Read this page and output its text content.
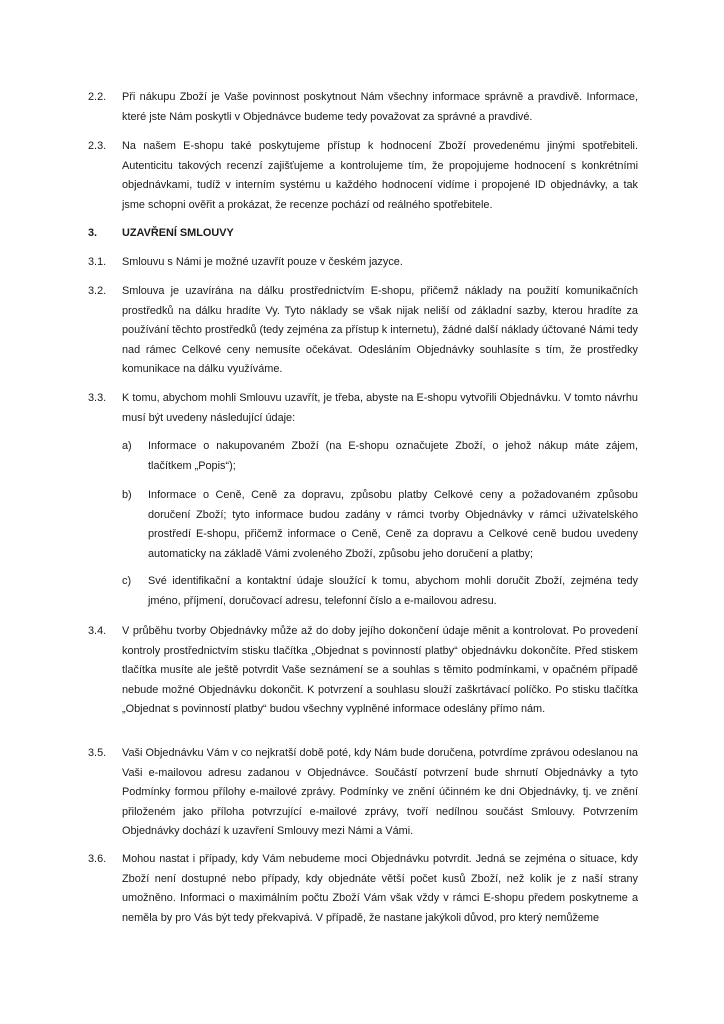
2.2.	Při nákupu Zboží je Vaše povinnost poskytnout Nám všechny informace správně a pravdivě. Informace, které jste Nám poskytli v Objednávce budeme tedy považovat za správné a pravdivé.
2.3.	Na našem E-shopu také poskytujeme přístup k hodnocení Zboží provedenému jinými spotřebiteli. Autenticitu takových recenzí zajišťujeme a kontrolujeme tím, že propojujeme hodnocení s konkrétními objednávkami, tudíž v interním systému u každého hodnocení vidíme i propojené ID objednávky, a tak jsme schopni ověřit a prokázat, že recenze pochází od reálného spotřebitele.
3.	UZAVŘENÍ SMLOUVY
3.1.	Smlouvu s Námi je možné uzavřít pouze v českém jazyce.
3.2.	Smlouva je uzavírána na dálku prostřednictvím E-shopu, přičemž náklady na použití komunikačních prostředků na dálku hradíte Vy. Tyto náklady se však nijak neliší od základní sazby, kterou hradíte za používání těchto prostředků (tedy zejména za přístup k internetu), žádné další náklady účtované Námi tedy nad rámec Celkové ceny nemusíte očekávat. Odesláním Objednávky souhlasíte s tím, že prostředky komunikace na dálku využíváme.
3.3.	K tomu, abychom mohli Smlouvu uzavřít, je třeba, abyste na E-shopu vytvořili Objednávku. V tomto návrhu musí být uvedeny následující údaje:
a)	Informace o nakupovaném Zboží (na E-shopu označujete Zboží, o jehož nákup máte zájem, tlačítkem „Popis“);
b)	Informace o Ceně, Ceně za dopravu, způsobu platby Celkové ceny a požadovaném způsobu doručení Zboží; tyto informace budou zadány v rámci tvorby Objednávky v rámci uživatelského prostředí E-shopu, přičemž informace o Ceně, Ceně za dopravu a Celkové ceně budou uvedeny automaticky na základě Vámi zvoleného Zboží, způsobu jeho doručení a platby;
c)	Své identifikační a kontaktní údaje sloužící k tomu, abychom mohli doručit Zboží, zejména tedy jméno, příjmení, doručovací adresu, telefonní číslo a e-mailovou adresu.
3.4.	V průběhu tvorby Objednávky může až do doby jejího dokončení údaje měnit a kontrolovat. Po provedení kontroly prostřednictvím stisku tlačítka „Objednat s povinností platby“ objednávku dokončíte. Před stiskem tlačítka musíte ale ještě potvrdit Vaše seznámení se a souhlas s těmito podmínkami, v opačném případě nebude možné Objednávku dokončit. K potvrzení a souhlasu slouží zaškrtávací políčko. Po stisku tlačítka „Objednat s povinností platby“ budou všechny vyplněné informace odeslány přímo nám.
3.5.	Vaši Objednávku Vám v co nejkratší době poté, kdy Nám bude doručena, potvrdíme zprávou odeslanou na Vaši e-mailovou adresu zadanou v Objednávce. Součástí potvrzení bude shrnutí Objednávky a tyto Podmínky formou přílohy e-mailové zprávy. Podmínky ve znění účinném ke dni Objednávky, tj. ve znění přiloženém jako příloha potvrzující e-mailové zprávy, tvoří nedílnou součást Smlouvy. Potvrzením Objednávky dochází k uzavření Smlouvy mezi Námi a Vámi.
3.6.	Mohou nastat i případy, kdy Vám nebudeme moci Objednávku potvrdit. Jedná se zejména o situace, kdy Zboží není dostupné nebo případy, kdy objednáte větší počet kusů Zboží, než kolik je z naší strany umožněno. Informaci o maximálním počtu Zboží Vám však vždy v rámci E-shopu předem poskytneme a neměla by pro Vás být tedy překvapivá. V případě, že nastane jakýkoli důvod, pro který nemůžeme
